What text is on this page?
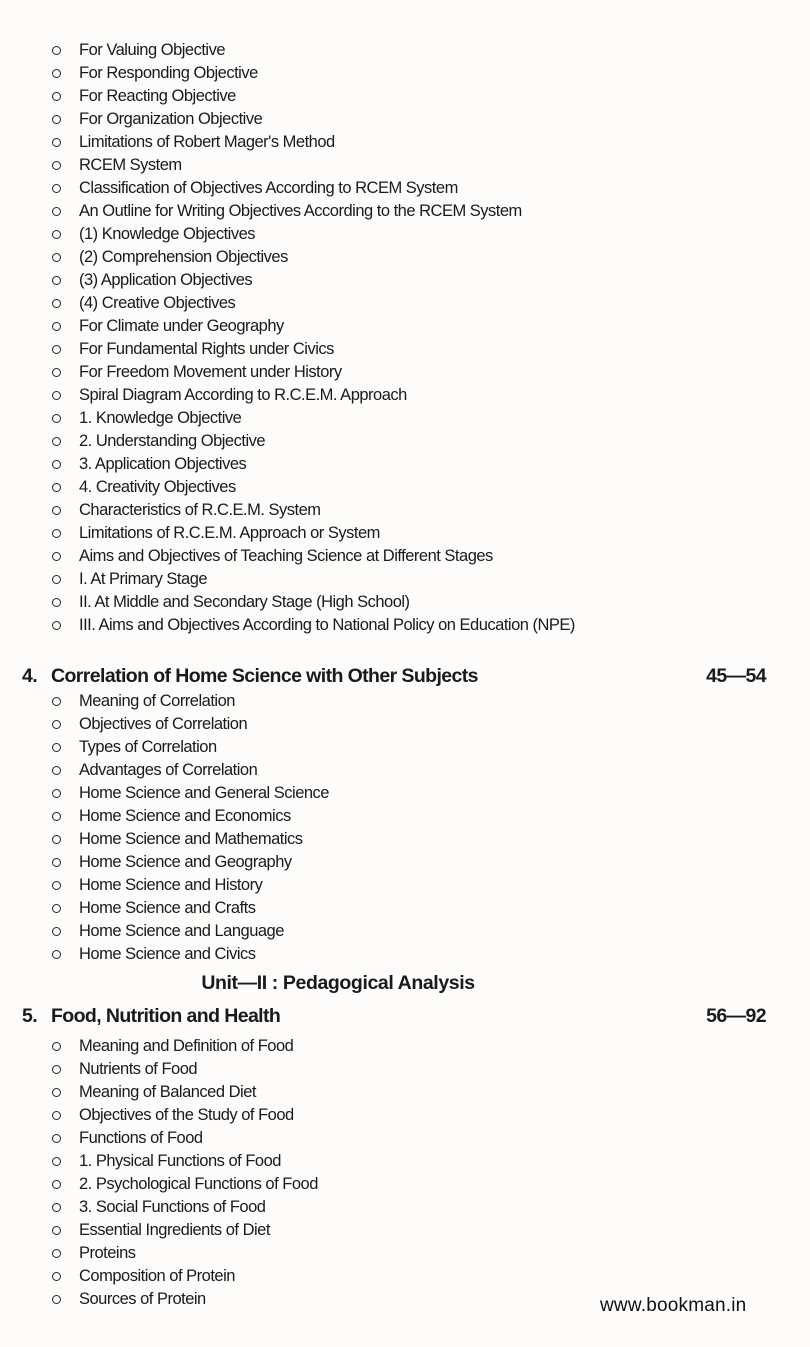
For Valuing Objective
For Responding Objective
For Reacting Objective
For Organization Objective
Limitations of Robert Mager's Method
RCEM System
Classification of Objectives According to RCEM System
An Outline for Writing Objectives According to the RCEM System
(1) Knowledge Objectives
(2) Comprehension Objectives
(3) Application Objectives
(4) Creative Objectives
For Climate under Geography
For Fundamental Rights under Civics
For Freedom Movement under History
Spiral Diagram According to R.C.E.M. Approach
1. Knowledge Objective
2. Understanding Objective
3. Application Objectives
4. Creativity Objectives
Characteristics of R.C.E.M. System
Limitations of R.C.E.M. Approach or System
Aims and Objectives of Teaching Science at Different Stages
I. At Primary Stage
II. At Middle and Secondary Stage (High School)
III. Aims and Objectives According to National Policy on Education (NPE)
4. Correlation of Home Science with Other Subjects	45—54
Meaning of Correlation
Objectives of Correlation
Types of Correlation
Advantages of Correlation
Home Science and General Science
Home Science and Economics
Home Science and Mathematics
Home Science and Geography
Home Science and History
Home Science and Crafts
Home Science and Language
Home Science and Civics
Unit—II : Pedagogical Analysis
5. Food, Nutrition and Health	56—92
Meaning and Definition of Food
Nutrients of Food
Meaning of Balanced Diet
Objectives of the Study of Food
Functions of Food
1. Physical Functions of Food
2. Psychological Functions of Food
3. Social Functions of Food
Essential Ingredients of Diet
Proteins
Composition of Protein
Sources of Protein	www.bookman.in
